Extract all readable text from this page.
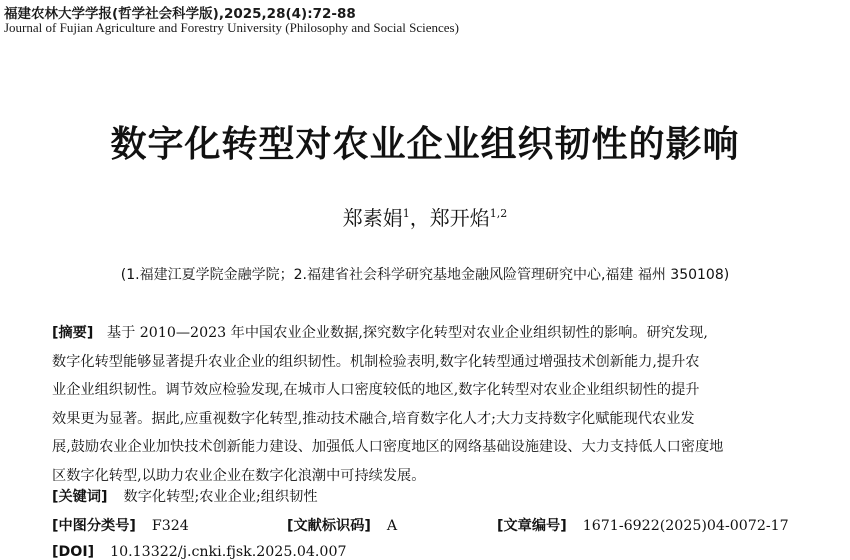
福建农林大学学报(哲学社会科学版),2025,28(4):72-88
Journal of Fujian Agriculture and Forestry University (Philosophy and Social Sciences)
数字化转型对农业企业组织韧性的影响
郑素娟$^1$，郑开焰$^{1,2}$
(1.福建江夏学院金融学院；2.福建省社会科学研究基地金融风险管理研究中心,福建 福州 350108)
[摘要] 基于 2010—2023 年中国农业企业数据,探究数字化转型对农业企业组织韧性的影响。研究发现,
数字化转型能够显著提升农业企业的组织韧性。机制检验表明,数字化转型通过增强技术创新能力,提升农
业企业组织韧性。调节效应检验发现,在城市人口密度较低的地区,数字化转型对农业企业组织韧性的提升
效果更为显著。据此,应重视数字化转型,推动技术融合,培育数字化人才;大力支持数字化赋能现代农业发
展,鼓励农业企业加快技术创新能力建设、加强低人口密度地区的网络基础设施建设、大力支持低人口密度地
区数字化转型,以助力农业企业在数字化浪潮中可持续发展。
[关键词] 数字化转型;农业企业;组织韧性
[中图分类号] F324	[文献标识码] A	[文章编号] 1671-6922(2025)04-0072-17
[DOI] 10.13322/j.cnki.fjsk.2025.04.007
